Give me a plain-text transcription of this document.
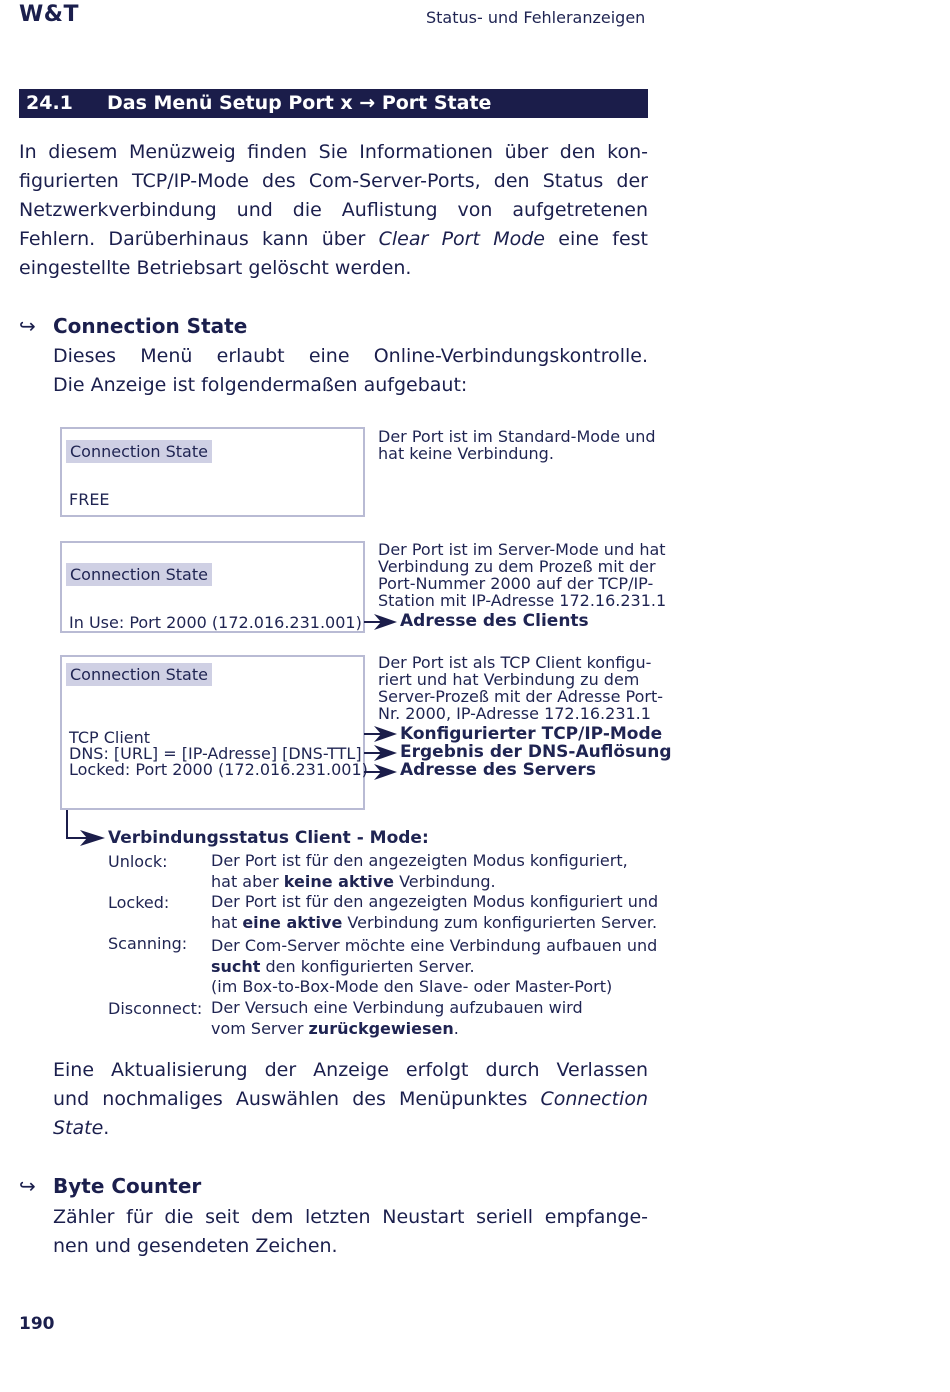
W&T	Status- und Fehleranzeigen
24.1 Das Menü Setup Port x → Port State
In diesem Menüzweig finden Sie Informationen über den kon-
figurierten TCP/IP-Mode des Com-Server-Ports, den Status der
Netzwerkverbindung und die Auflistung von aufgetretenen
Fehlern. Darüberhinaus kann über Clear Port Mode eine fest
eingestellte Betriebsart gelöscht werden.
↪ Connection State
Dieses Menü erlaubt eine Online-Verbindungskontrolle.
Die Anzeige ist folgendermaßen aufgebaut:
Connection State
FREE
Der Port ist im Standard-Mode und
hat keine Verbindung.
Connection State
In Use: Port 2000 (172.016.231.001)
Der Port ist im Server-Mode und hat
Verbindung zu dem Prozeß mit der
Port-Nummer 2000 auf der TCP/IP-
Station mit IP-Adresse 172.16.231.1
Adresse des Clients
Connection State
TCP Client
DNS: [URL] = [IP-Adresse] [DNS-TTL]
Locked: Port 2000 (172.016.231.001)
Der Port ist als TCP Client konfigu-
riert und hat Verbindung zu dem
Server-Prozeß mit der Adresse Port-
Nr. 2000, IP-Adresse 172.16.231.1
Konfigurierter TCP/IP-Mode
Ergebnis der DNS-Auflösung
Adresse des Servers
Verbindungsstatus Client - Mode:
Unlock:	Der Port ist für den angezeigten Modus konfiguriert,
hat aber keine aktive Verbindung.
Locked:	Der Port ist für den angezeigten Modus konfiguriert und
hat eine aktive Verbindung zum konfigurierten Server.
Scanning: Der Com-Server möchte eine Verbindung aufbauen und
sucht den konfigurierten Server.
(im Box-to-Box-Mode den Slave- oder Master-Port)
Disconnect: Der Versuch eine Verbindung aufzubauen wird
vom Server zurückgewiesen.
Eine Aktualisierung der Anzeige erfolgt durch Verlassen
und nochmaliges Auswählen des Menüpunktes Connection
State.
↪ Byte Counter
Zähler für die seit dem letzten Neustart seriell empfange-
nen und gesendeten Zeichen.
190
